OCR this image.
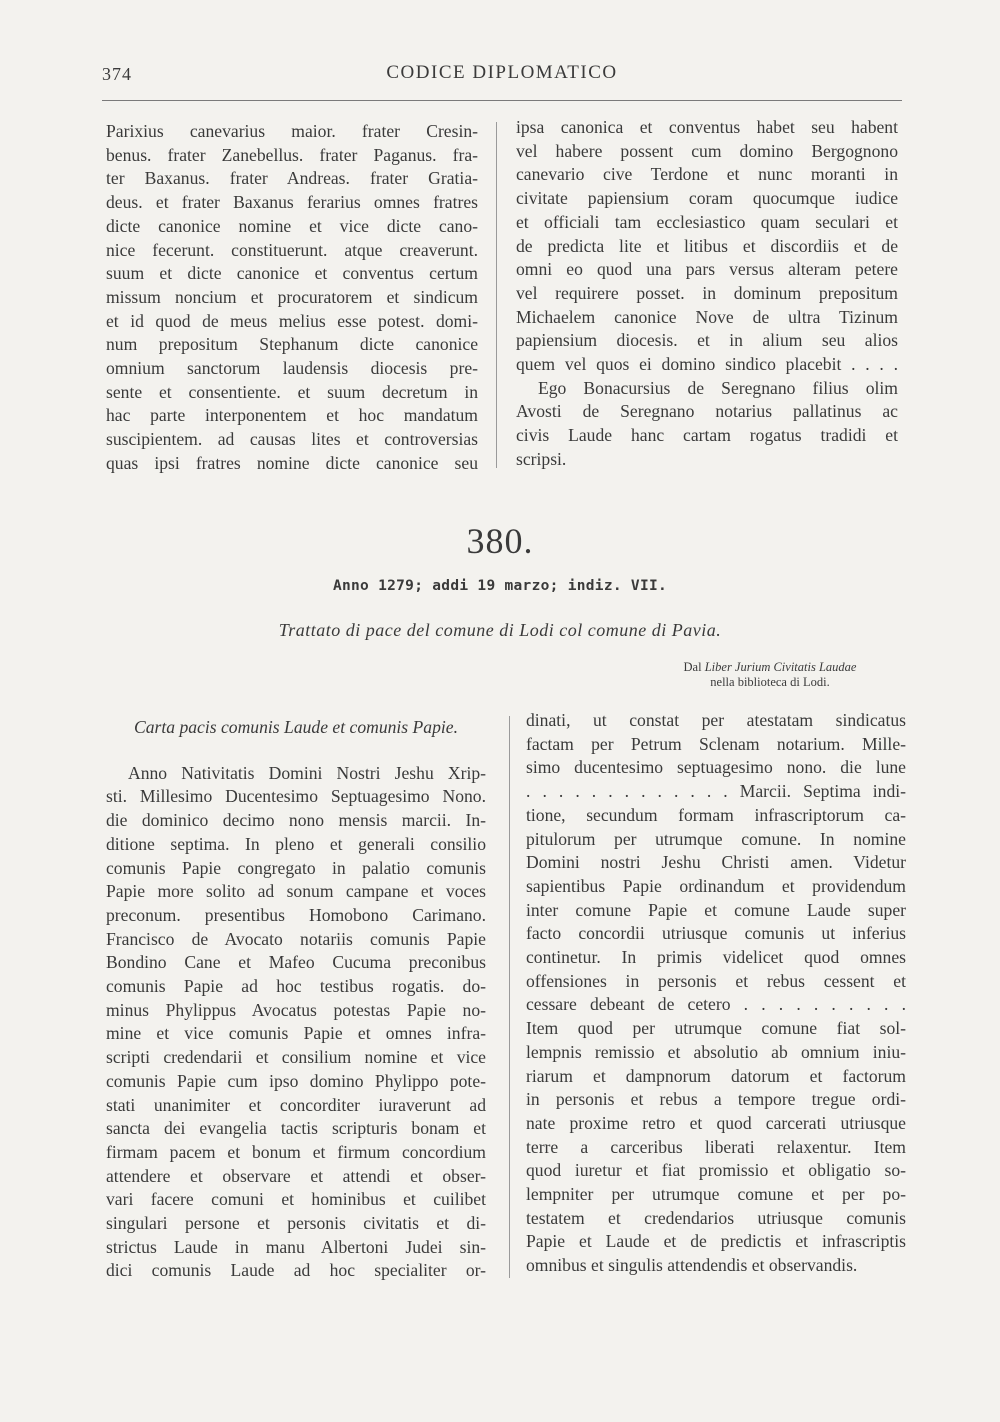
374	CODICE DIPLOMATICO
Parixius canevarius maior. frater Cresin-
benus. frater Zanebellus. frater Paganus. fra-
ter Baxanus. frater Andreas. frater Gratia-
deus. et frater Baxanus ferarius omnes fratres
dicte canonice nomine et vice dicte cano-
nice fecerunt. constituerunt. atque creaverunt.
suum et dicte canonice et conventus certum
missum noncium et procuratorem et sindicum
et id quod de meus melius esse potest. domi-
num prepositum Stephanum dicte canonice
omnium sanctorum laudensis diocesis pre-
sente et consentiente. et suum decretum in
hac parte interponentem et hoc mandatum
suscipientem. ad causas lites et controversias
quas ipsi fratres nomine dicte canonice seu
ipsa canonica et conventus habet seu habent
vel habere possent cum domino Bergognono
canevario cive Terdone et nunc moranti in
civitate papiensium coram quocumque iudice
et officiali tam ecclesiastico quam seculari et
de predicta lite et litibus et discordiis et de
omni eo quod una pars versus alteram petere
vel requirere posset. in dominum prepositum
Michaelem canonice Nove de ultra Tizinum
papiensium diocesis. et in alium seu alios
quem vel quos ei domino sindico placebit . . . .
Ego Bonacursius de Seregnano filius olim
Avosti de Seregnano notarius pallatinus ac
civis Laude hanc cartam rogatus tradidi et
scripsi.
380.
Anno 1279; addi 19 marzo; indiz. VII.
Trattato di pace del comune di Lodi col comune di Pavia.
Dal Liber Jurium Civitatis Laudae
nella biblioteca di Lodi.

Carta pacis comunis Laude et comunis Papie.

Anno Nativitatis Domini Nostri Jeshu Xrip-
sti. Millesimo Ducentesimo Septuagesimo Nono.
die dominico decimo nono mensis marcii. In-
ditione septima. In pleno et generali consilio
comunis Papie congregato in palatio comunis
Papie more solito ad sonum campane et voces
preconum. presentibus Homobono Carimano.
Francisco de Avocato notariis comunis Papie
Bondino Cane et Mafeo Cucuma preconibus
comunis Papie ad hoc testibus rogatis. do-
minus Phylippus Avocatus potestas Papie no-
mine et vice comunis Papie et omnes infra-
scripti credendarii et consilium nomine et vice
comunis Papie cum ipso domino Phylippo pote-
stati unanimiter et concorditer iuraverunt ad
sancta dei evangelia tactis scripturis bonam et
firmam pacem et bonum et firmum concordium
attendere et observare et attendi et obser-
vari facere comuni et hominibus et cuilibet
singulari persone et personis civitatis et di-
strictus Laude in manu Albertoni Judei sin-
dici comunis Laude ad hoc specialiter or-
dinati, ut constat per atestatam sindicatus
factam per Petrum Sclenam notarium. Mille-
simo ducentesimo septuagesimo nono. die lune
. . . . . . . . . . . . . Marcii. Septima indi-
tione, secundum formam infrascriptorum ca-
pitulorum per utrumque comune. In nomine
Domini nostri Jeshu Christi amen. Videtur
sapientibus Papie ordinandum et providendum
inter comune Papie et comune Laude super
facto concordii utriusque comunis ut inferius
continetur. In primis videlicet quod omnes
offensiones in personis et rebus cessent et
cessare debeant de cetero . . . . . . . . . .
Item quod per utrumque comune fiat sol-
lempnis remissio et absolutio ab omnium iniu-
riarum et dampnorum datorum et factorum
in personis et rebus a tempore tregue ordi-
nate proxime retro et quod carcerati utriusque
terre a carceribus liberati relaxentur. Item
quod iuretur et fiat promissio et obligatio so-
lempniter per utrumque comune et per po-
testatem et credendarios utriusque comunis
Papie et Laude et de predictis et infrascriptis
omnibus et singulis attendendis et observandis.
